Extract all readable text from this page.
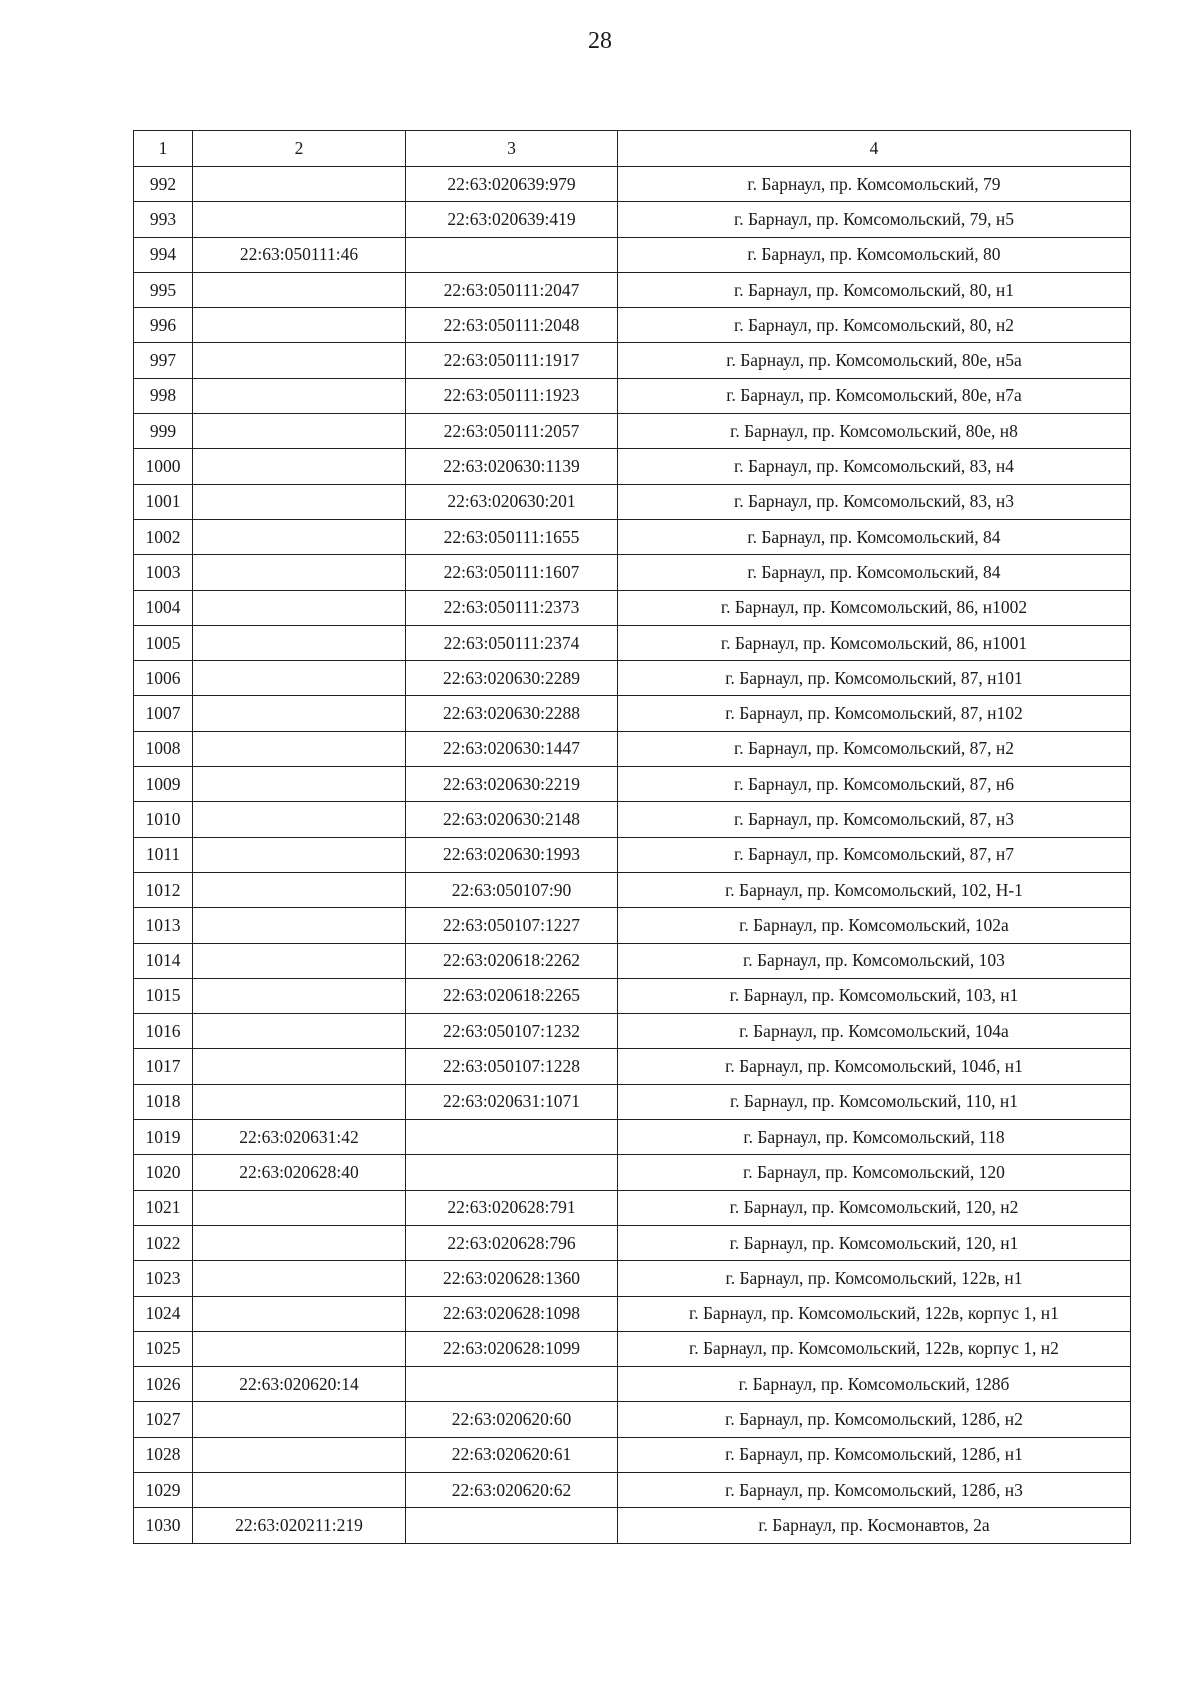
28
1	2	3	4
992		22:63:020639:979	г. Барнаул, пр. Комсомольский, 79
993		22:63:020639:419	г. Барнаул, пр. Комсомольский, 79, н5
994	22:63:050111:46		г. Барнаул, пр. Комсомольский, 80
995		22:63:050111:2047	г. Барнаул, пр. Комсомольский, 80, н1
996		22:63:050111:2048	г. Барнаул, пр. Комсомольский, 80, н2
997		22:63:050111:1917	г. Барнаул, пр. Комсомольский, 80е, н5а
998		22:63:050111:1923	г. Барнаул, пр. Комсомольский, 80е, н7а
999		22:63:050111:2057	г. Барнаул, пр. Комсомольский, 80е, н8
1000		22:63:020630:1139	г. Барнаул, пр. Комсомольский, 83, н4
1001		22:63:020630:201	г. Барнаул, пр. Комсомольский, 83, н3
1002		22:63:050111:1655	г. Барнаул, пр. Комсомольский, 84
1003		22:63:050111:1607	г. Барнаул, пр. Комсомольский, 84
1004		22:63:050111:2373	г. Барнаул, пр. Комсомольский, 86, н1002
1005		22:63:050111:2374	г. Барнаул, пр. Комсомольский, 86, н1001
1006		22:63:020630:2289	г. Барнаул, пр. Комсомольский, 87, н101
1007		22:63:020630:2288	г. Барнаул, пр. Комсомольский, 87, н102
1008		22:63:020630:1447	г. Барнаул, пр. Комсомольский, 87, н2
1009		22:63:020630:2219	г. Барнаул, пр. Комсомольский, 87, н6
1010		22:63:020630:2148	г. Барнаул, пр. Комсомольский, 87, н3
1011		22:63:020630:1993	г. Барнаул, пр. Комсомольский, 87, н7
1012		22:63:050107:90	г. Барнаул, пр. Комсомольский, 102, Н-1
1013		22:63:050107:1227	г. Барнаул, пр. Комсомольский, 102а
1014		22:63:020618:2262	г. Барнаул, пр. Комсомольский, 103
1015		22:63:020618:2265	г. Барнаул, пр. Комсомольский, 103, н1
1016		22:63:050107:1232	г. Барнаул, пр. Комсомольский, 104а
1017		22:63:050107:1228	г. Барнаул, пр. Комсомольский, 104б, н1
1018		22:63:020631:1071	г. Барнаул, пр. Комсомольский, 110, н1
1019	22:63:020631:42		г. Барнаул, пр. Комсомольский, 118
1020	22:63:020628:40		г. Барнаул, пр. Комсомольский, 120
1021		22:63:020628:791	г. Барнаул, пр. Комсомольский, 120, н2
1022		22:63:020628:796	г. Барнаул, пр. Комсомольский, 120, н1
1023		22:63:020628:1360	г. Барнаул, пр. Комсомольский, 122в, н1
1024		22:63:020628:1098	г. Барнаул, пр. Комсомольский, 122в, корпус 1, н1
1025		22:63:020628:1099	г. Барнаул, пр. Комсомольский, 122в, корпус 1, н2
1026	22:63:020620:14		г. Барнаул, пр. Комсомольский, 128б
1027		22:63:020620:60	г. Барнаул, пр. Комсомольский, 128б, н2
1028		22:63:020620:61	г. Барнаул, пр. Комсомольский, 128б, н1
1029		22:63:020620:62	г. Барнаул, пр. Комсомольский, 128б, н3
1030	22:63:020211:219		г. Барнаул, пр. Космонавтов, 2а
